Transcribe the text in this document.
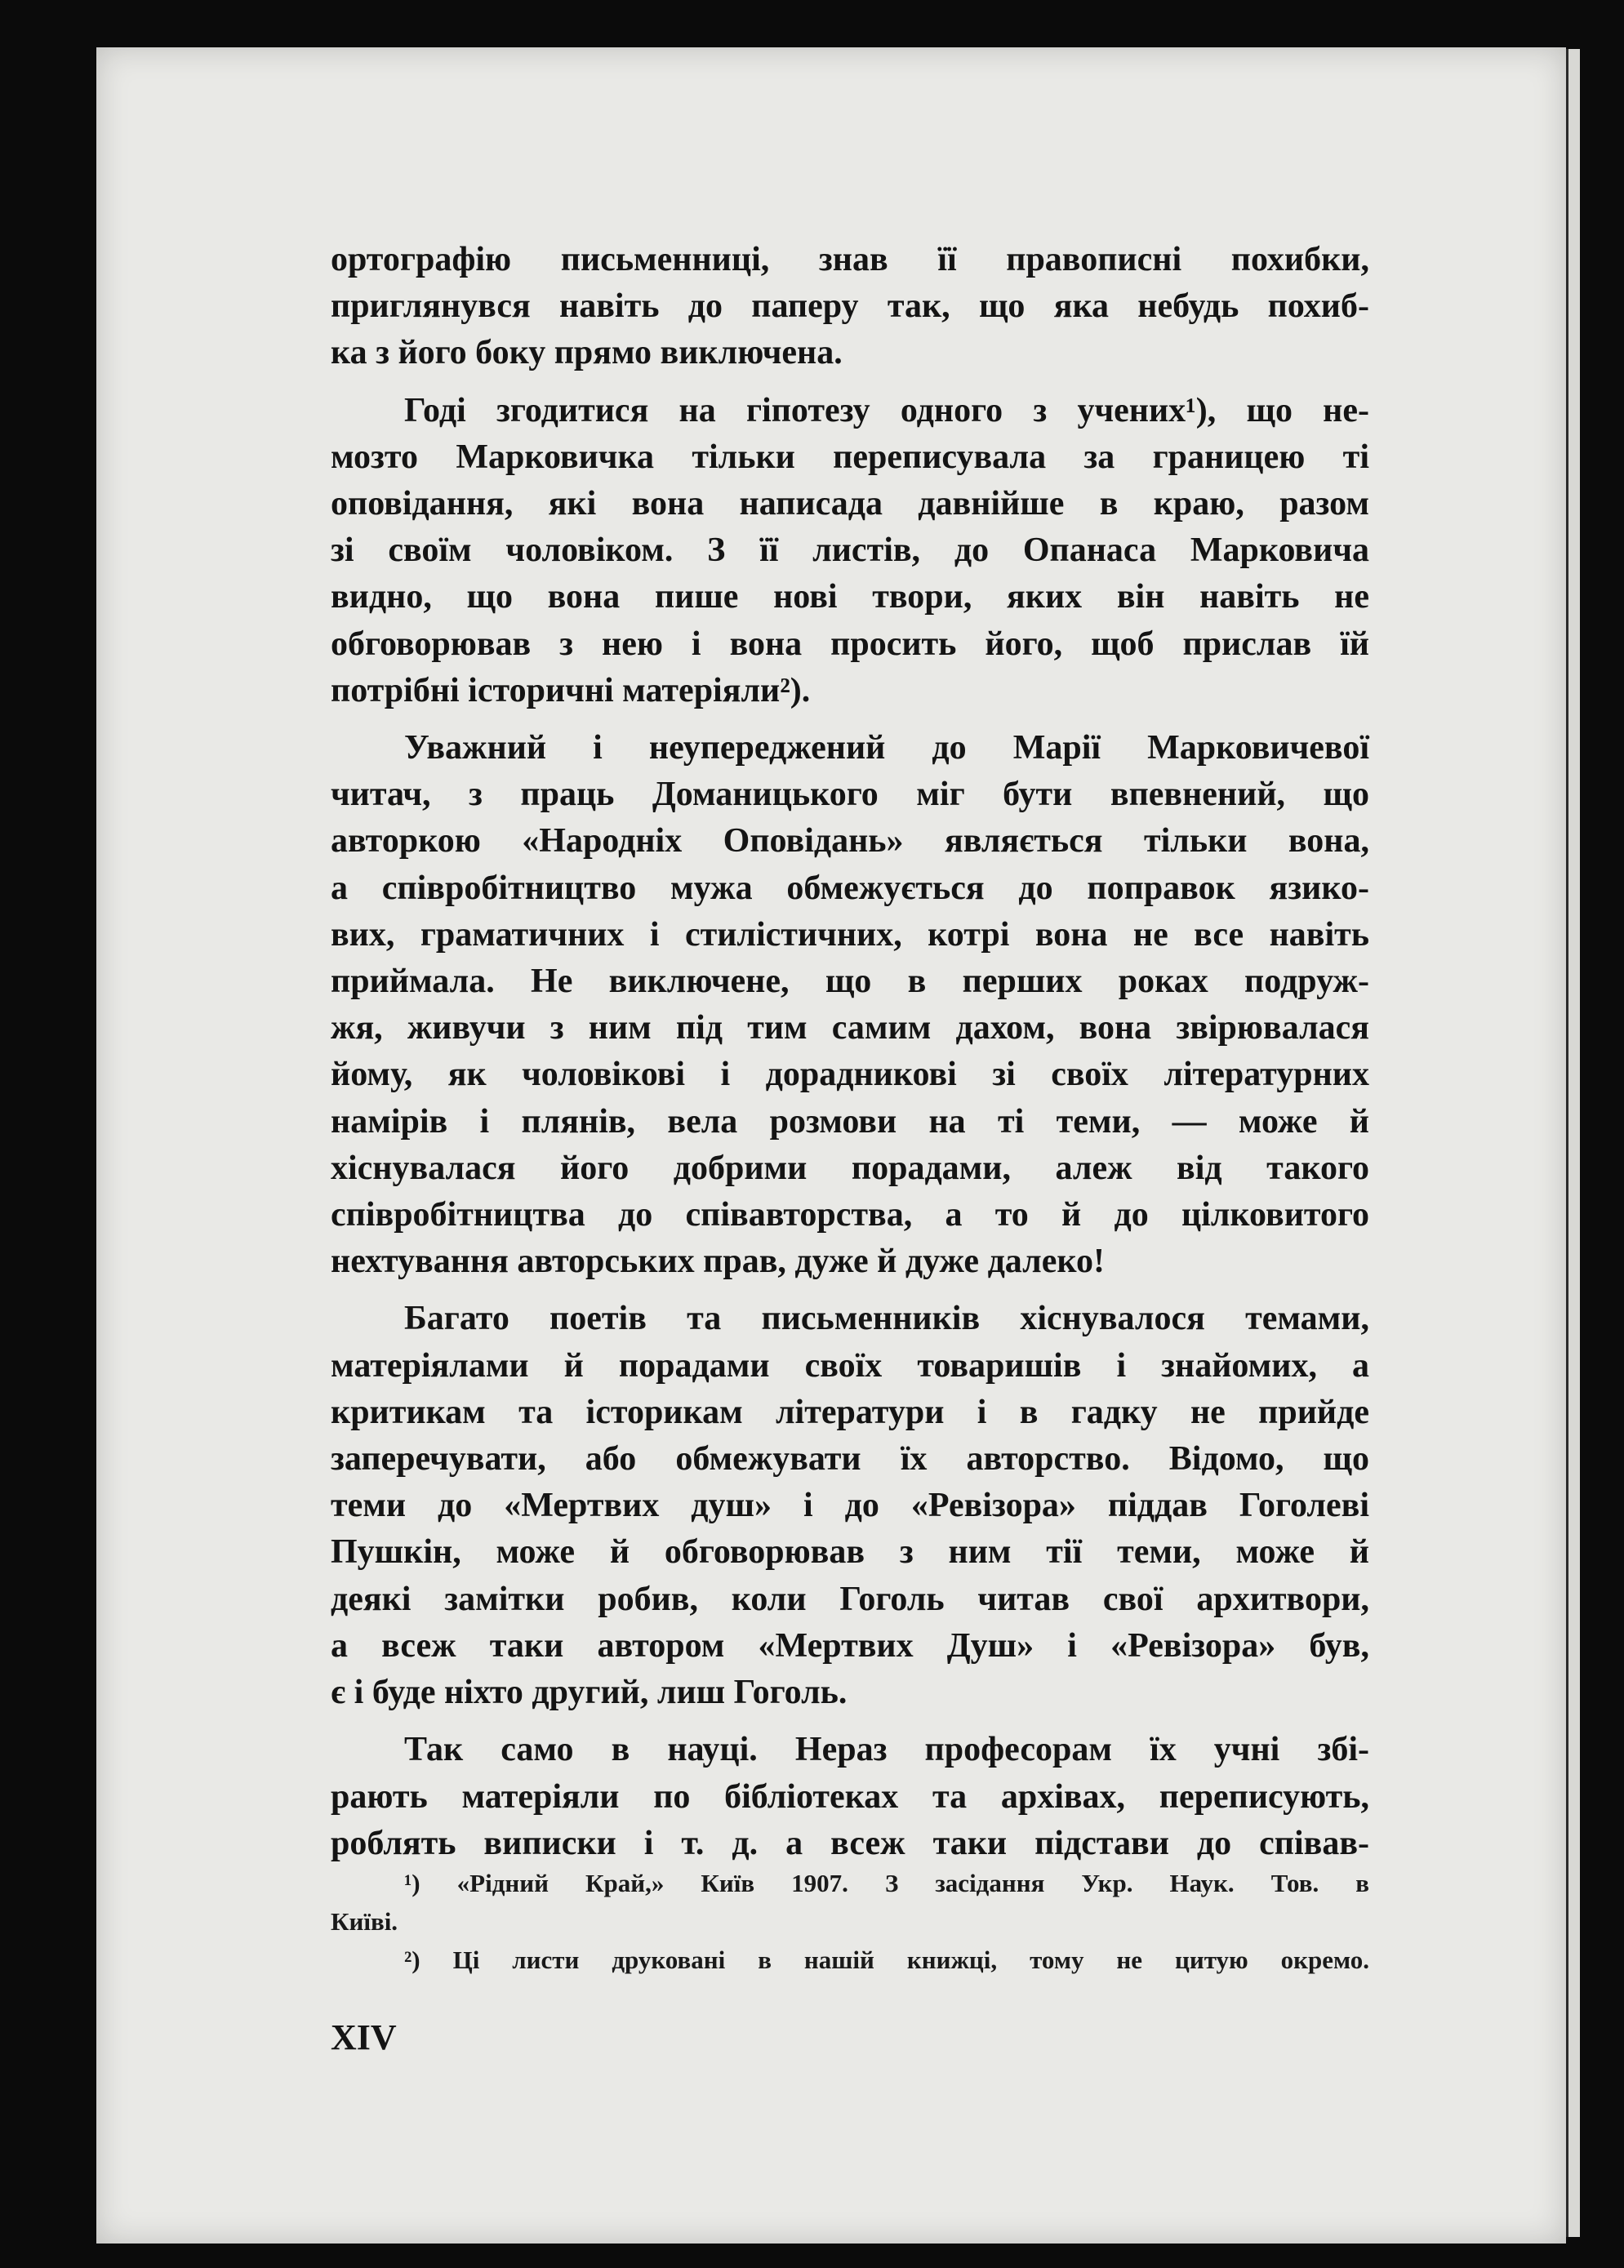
ортографію письменниці, знав її правописні похибки,
приглянувся навіть до паперу так, що яка небудь похиб-
ка з його боку прямо виключена.
Годі згодитися на гіпотезу одного з учених¹), що не-
мозто Марковичка тільки переписувала за границею ті
оповідання, які вона написада давнійше в краю, разом
зі своїм чоловіком. З її листів, до Опанаса Марковича
видно, що вона пише нові твори, яких він навіть не
обговорював з нею і вона просить його, щоб прислав їй
потрібні історичні матеріяли²).
Уважний і неупереджений до Марії Марковичевої
читач, з праць Доманицького міг бути впевнений, що
авторкою «Народніх Оповідань» являється тільки вона,
а співробітництво мужа обмежується до поправок язико-
вих, граматичних і стилістичних, котрі вона не все навіть
приймала. Не виключене, що в перших роках подруж-
жя, живучи з ним під тим самим дахом, вона звірювалася
йому, як чоловікові і дорадникові зі своїх літературних
намірів і плянів, вела розмови на ті теми, — може й
хіснувалася його добрими порадами, алеж від такого
співробітництва до співавторства, а то й до цілковитого
нехтування авторських прав, дуже й дуже далеко!
Багато поетів та письменників хіснувалося темами,
матеріялами й порадами своїх товаришів і знайомих, а
критикам та історикам літератури і в гадку не прийде
заперечувати, або обмежувати їх авторство. Відомо, що
теми до «Мертвих душ» і до «Ревізора» піддав Гоголеві
Пушкін, може й обговорював з ним тії теми, може й
деякі замітки робив, коли Гоголь читав свої архитвори,
а всеж таки автором «Мертвих Душ» і «Ревізора» був,
є і буде ніхто другий, лиш Гоголь.
Так само в науці. Нераз професорам їх учні збі-
рають матеріяли по бібліотеках та архівах, переписують,
роблять виписки і т. д. а всеж таки підстави до співав-
¹) «Рідний Край,» Київ 1907. З засідання Укр. Наук. Тов. в
Київі.
²) Ці листи друковані в нашій книжці, тому не цитую окремо.
XIV
